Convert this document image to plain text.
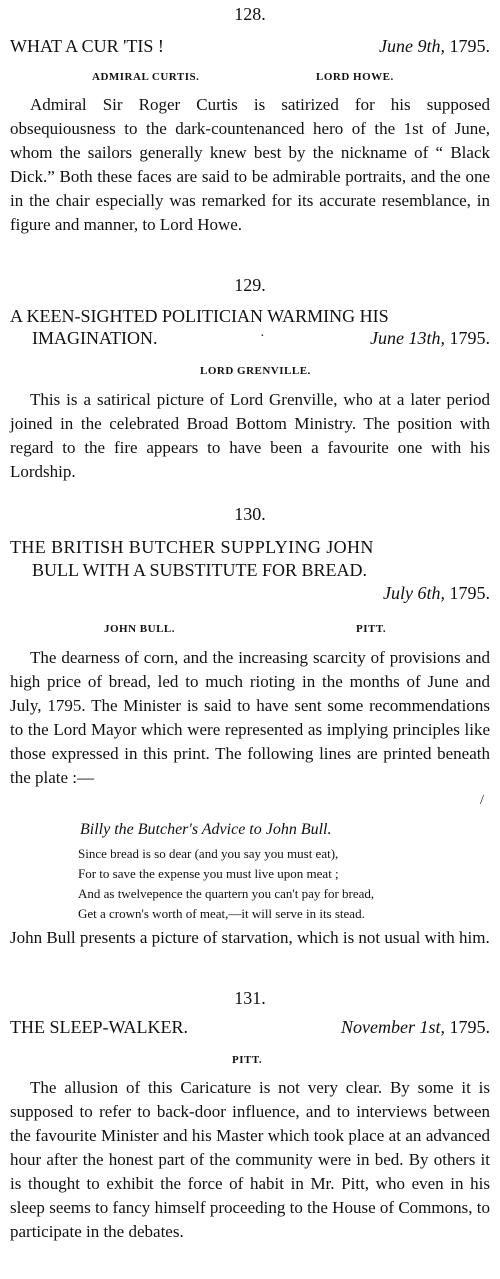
128.
WHAT A CUR 'TIS !	June 9th, 1795.
ADMIRAL CURTIS.	LORD HOWE.
Admiral Sir Roger Curtis is satirized for his supposed obsequiousness to the dark-countenanced hero of the 1st of June, whom the sailors generally knew best by the nickname of “ Black Dick.” Both these faces are said to be admirable portraits, and the one in the chair especially was remarked for its accurate resemblance, in figure and manner, to Lord Howe.
129.
A KEEN-SIGHTED POLITICIAN WARMING HIS
IMAGINATION.	·	June 13th, 1795.
LORD GRENVILLE.
This is a satirical picture of Lord Grenville, who at a later period joined in the celebrated Broad Bottom Ministry. The position with regard to the fire appears to have been a favourite one with his Lordship.
130.
THE BRITISH BUTCHER SUPPLYING JOHN
BULL WITH A SUBSTITUTE FOR BREAD.
July 6th, 1795.
JOHN BULL.	PITT.
The dearness of corn, and the increasing scarcity of provisions and high price of bread, led to much rioting in the months of June and July, 1795. The Minister is said to have sent some recommendations to the Lord Mayor which were represented as implying principles like those expressed in this print. The following lines are printed beneath the plate :—
/
Billy the Butcher's Advice to John Bull.
Since bread is so dear (and you say you must eat),
For to save the expense you must live upon meat ;
And as twelvepence the quartern you can't pay for bread,
Get a crown's worth of meat,—it will serve in its stead.
John Bull presents a picture of starvation, which is not usual with him.
131.
THE SLEEP-WALKER.	November 1st, 1795.
PITT.
The allusion of this Caricature is not very clear. By some it is supposed to refer to back-door influence, and to interviews between the favourite Minister and his Master which took place at an advanced hour after the honest part of the community were in bed. By others it is thought to exhibit the force of habit in Mr. Pitt, who even in his sleep seems to fancy himself proceeding to the House of Commons, to participate in the debates.
